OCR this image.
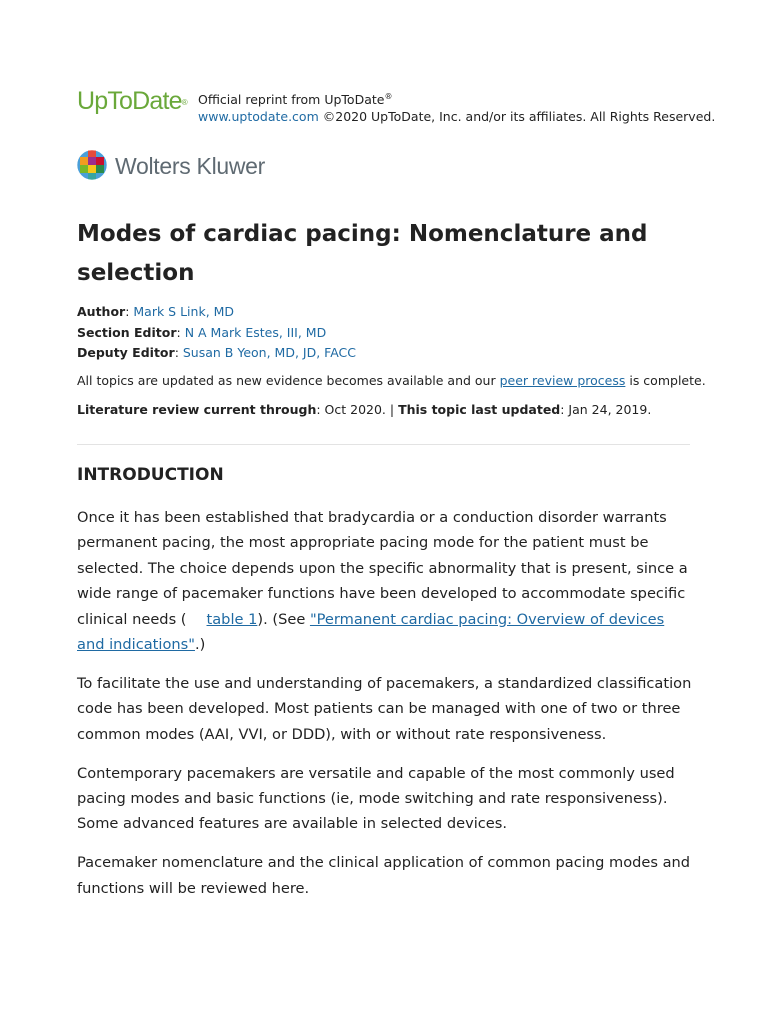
UpToDate® Official reprint from UpToDate®
www.uptodate.com ©2020 UpToDate, Inc. and/or its affiliates. All Rights Reserved.
Wolters Kluwer
Modes of cardiac pacing: Nomenclature and selection
Author: Mark S Link, MD
Section Editor: N A Mark Estes, III, MD
Deputy Editor: Susan B Yeon, MD, JD, FACC
All topics are updated as new evidence becomes available and our peer review process is complete.
Literature review current through: Oct 2020. | This topic last updated: Jan 24, 2019.
INTRODUCTION

Once it has been established that bradycardia or a conduction disorder warrants permanent pacing, the most appropriate pacing mode for the patient must be selected. The choice depends upon the specific abnormality that is present, since a wide range of pacemaker functions have been developed to accommodate specific clinical needs ( table 1). (See "Permanent cardiac pacing: Overview of devices and indications".)

To facilitate the use and understanding of pacemakers, a standardized classification code has been developed. Most patients can be managed with one of two or three common modes (AAI, VVI, or DDD), with or without rate responsiveness.

Contemporary pacemakers are versatile and capable of the most commonly used pacing modes and basic functions (ie, mode switching and rate responsiveness). Some advanced features are available in selected devices.

Pacemaker nomenclature and the clinical application of common pacing modes and functions will be reviewed here.
